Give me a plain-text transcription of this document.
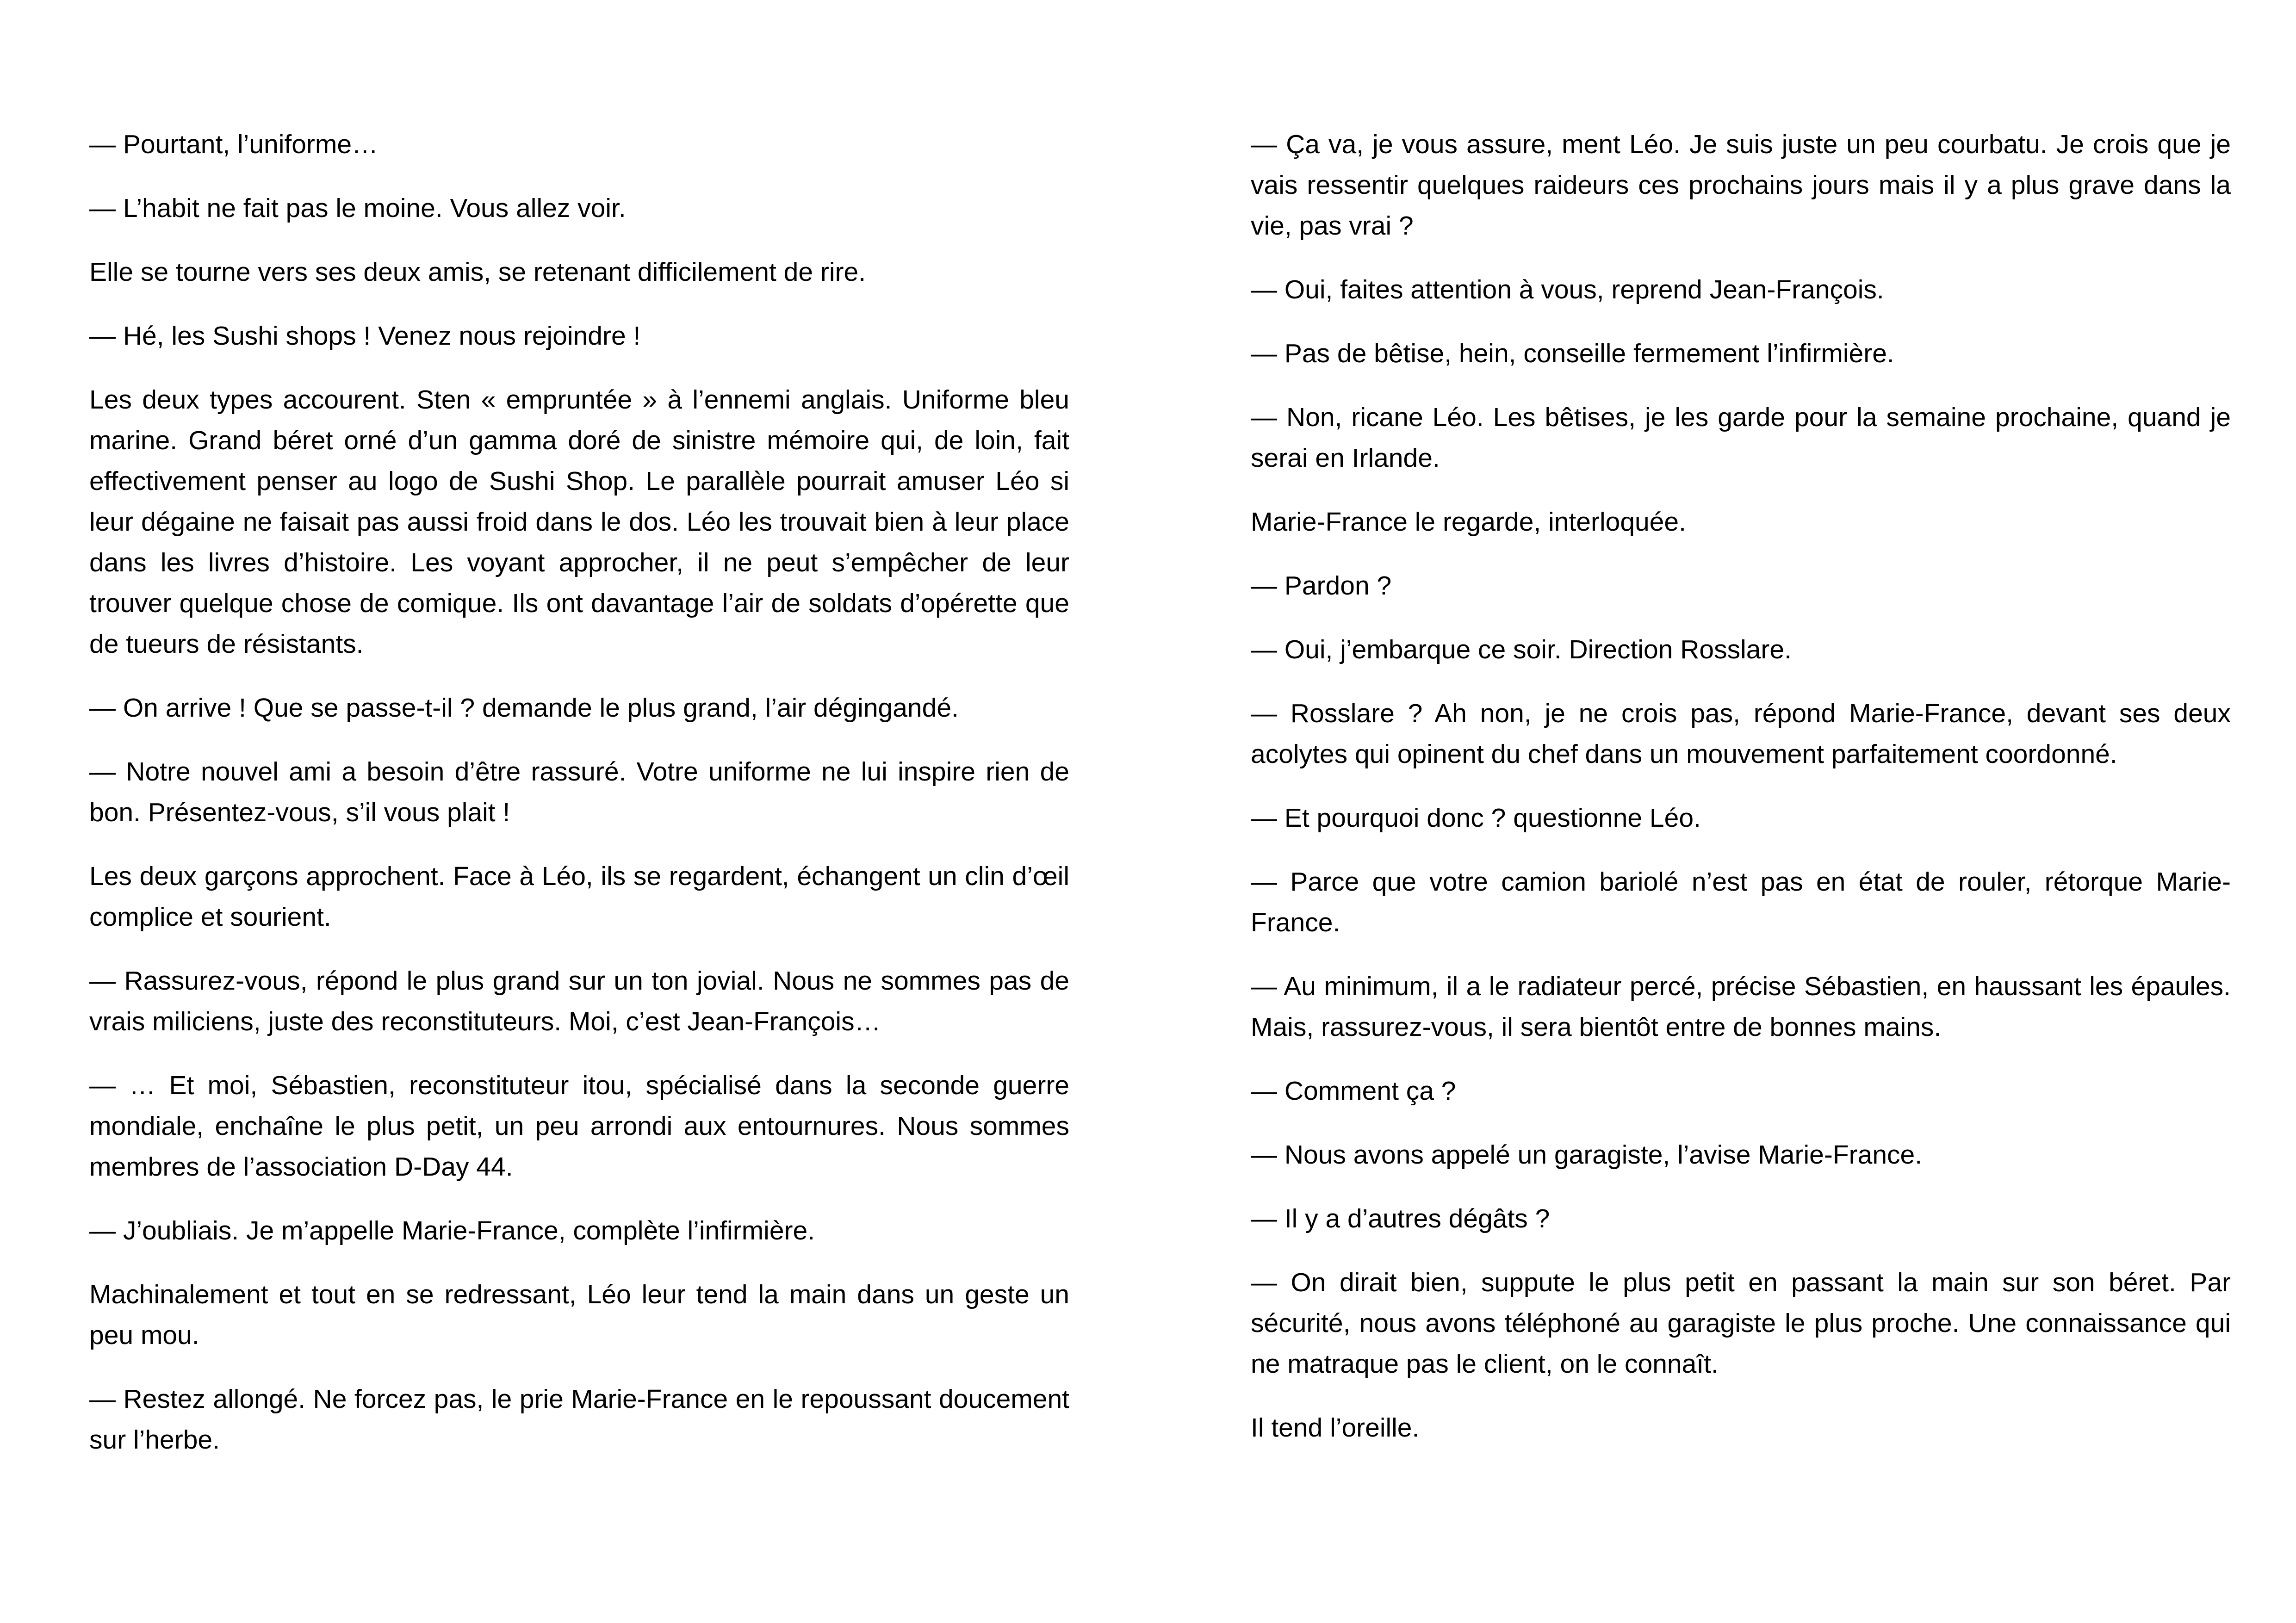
— Pourtant, l’uniforme…

— L’habit ne fait pas le moine. Vous allez voir.

Elle se tourne vers ses deux amis, se retenant difficilement de rire.

— Hé, les Sushi shops ! Venez nous rejoindre !

Les deux types accourent. Sten « empruntée » à l’ennemi anglais. Uniforme bleu marine. Grand béret orné d’un gamma doré de sinistre mémoire qui, de loin, fait effectivement penser au logo de Sushi Shop. Le parallèle pourrait amuser Léo si leur dégaine ne faisait pas aussi froid dans le dos. Léo les trouvait bien à leur place dans les livres d’histoire. Les voyant approcher, il ne peut s’empêcher de leur trouver quelque chose de comique. Ils ont davantage l’air de soldats d’opérette que de tueurs de résistants.

— On arrive ! Que se passe-t-il ? demande le plus grand, l’air dégingandé.

— Notre nouvel ami a besoin d’être rassuré. Votre uniforme ne lui inspire rien de bon. Présentez-vous, s’il vous plait !

Les deux garçons approchent. Face à Léo, ils se regardent, échangent un clin d’œil complice et sourient.

— Rassurez-vous, répond le plus grand sur un ton jovial. Nous ne sommes pas de vrais miliciens, juste des reconstituteurs. Moi, c’est Jean-François…

— … Et moi, Sébastien, reconstituteur itou, spécialisé dans la seconde guerre mondiale, enchaîne le plus petit, un peu arrondi aux entournures. Nous sommes membres de l’association D-Day 44.

— J’oubliais. Je m’appelle Marie-France, complète l’infirmière.

Machinalement et tout en se redressant, Léo leur tend la main dans un geste un peu mou.

— Restez allongé. Ne forcez pas, le prie Marie-France en le repoussant doucement sur l’herbe.

— Ça va, je vous assure, ment Léo. Je suis juste un peu courbatu. Je crois que je vais ressentir quelques raideurs ces prochains jours mais il y a plus grave dans la vie, pas vrai ?

— Oui, faites attention à vous, reprend Jean-François.

— Pas de bêtise, hein, conseille fermement l’infirmière.

— Non, ricane Léo. Les bêtises, je les garde pour la semaine prochaine, quand je serai en Irlande.

Marie-France le regarde, interloquée.

— Pardon ?

— Oui, j’embarque ce soir. Direction Rosslare.

— Rosslare ? Ah non, je ne crois pas, répond Marie-France, devant ses deux acolytes qui opinent du chef dans un mouvement parfaitement coordonné.

— Et pourquoi donc ? questionne Léo.

— Parce que votre camion bariolé n’est pas en état de rouler, rétorque Marie-France.

— Au minimum, il a le radiateur percé, précise Sébastien, en haussant les épaules. Mais, rassurez-vous, il sera bientôt entre de bonnes mains.

— Comment ça ?

— Nous avons appelé un garagiste, l’avise Marie-France.

— Il y a d’autres dégâts ?

— On dirait bien, suppute le plus petit en passant la main sur son béret. Par sécurité, nous avons téléphoné au garagiste le plus proche. Une connaissance qui ne matraque pas le client, on le connaît.

Il tend l’oreille.
